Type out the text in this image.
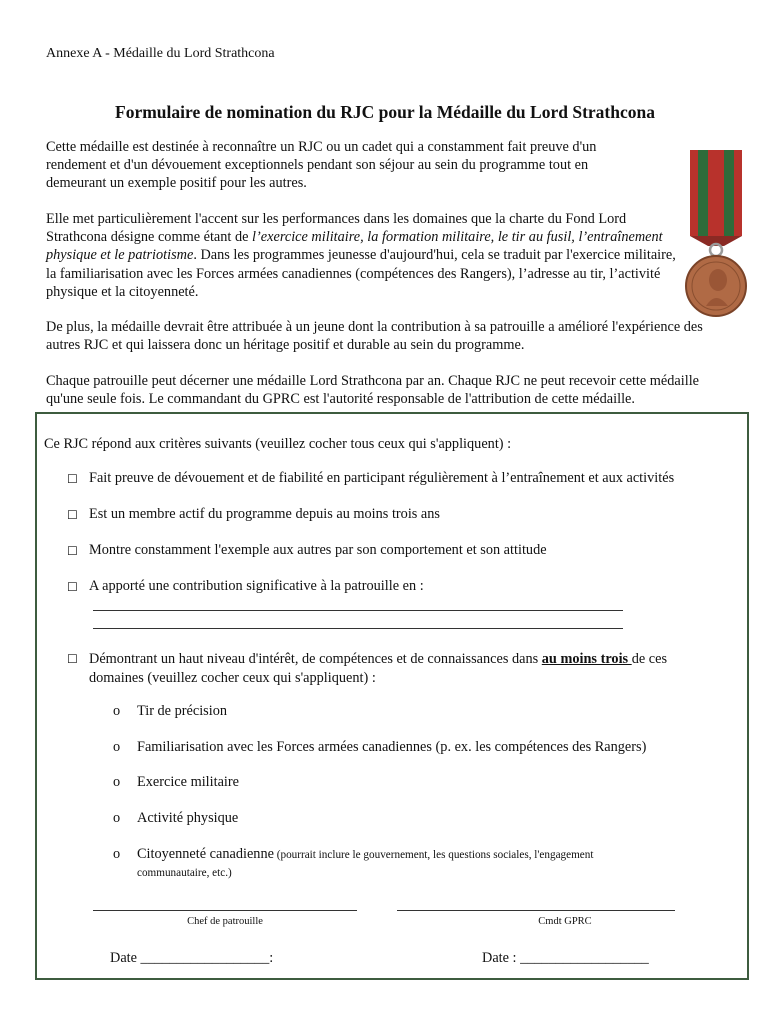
Annexe A - Médaille du Lord Strathcona
Formulaire de nomination du RJC pour la Médaille du Lord Strathcona

Cette médaille est destinée à reconnaître un RJC ou un cadet qui a constamment fait preuve d'un rendement et d'un dévouement exceptionnels pendant son séjour au sein du programme tout en demeurant un exemple positif pour les autres.

Elle met particulièrement l'accent sur les performances dans les domaines que la charte du Fond Lord Strathcona désigne comme étant de l’exercice militaire, la formation militaire, le tir au fusil, l’entraînement physique et le patriotisme. Dans les programmes jeunesse d'aujourd'hui, cela se traduit par l'exercice militaire, la familiarisation avec les Forces armées canadiennes (compétences des Rangers), l’adresse au tir, l’activité physique et la citoyenneté.

De plus, la médaille devrait être attribuée à un jeune dont la contribution à sa patrouille a amélioré l'expérience des autres RJC et qui laissera donc un héritage positif et durable au sein du programme.

Chaque patrouille peut décerner une médaille Lord Strathcona par an. Chaque RJC ne peut recevoir cette médaille qu'une seule fois. Le commandant du GPRC est l'autorité responsable de l'attribution de cette médaille.

Ce RJC répond aux critères suivants (veuillez cocher tous ceux qui s'appliquent) :
☐ Fait preuve de dévouement et de fiabilité en participant régulièrement à l’entraînement et aux activités
☐ Est un membre actif du programme depuis au moins trois ans
☐ Montre constamment l'exemple aux autres par son comportement et son attitude
☐ A apporté une contribution significative à la patrouille en :
☐ Démontrant un haut niveau d'intérêt, de compétences et de connaissances dans au moins trois de ces domaines (veuillez cocher ceux qui s'appliquent) :
o	Tir de précision
o	Familiarisation avec les Forces armées canadiennes (p. ex. les compétences des Rangers)
o	Exercice militaire
o	Activité physique
o	Citoyenneté canadienne (pourrait inclure le gouvernement, les questions sociales, l'engagement communautaire, etc.)
Chef de patrouille	Cmdt GPRC
Date __________________:	Date : __________________
